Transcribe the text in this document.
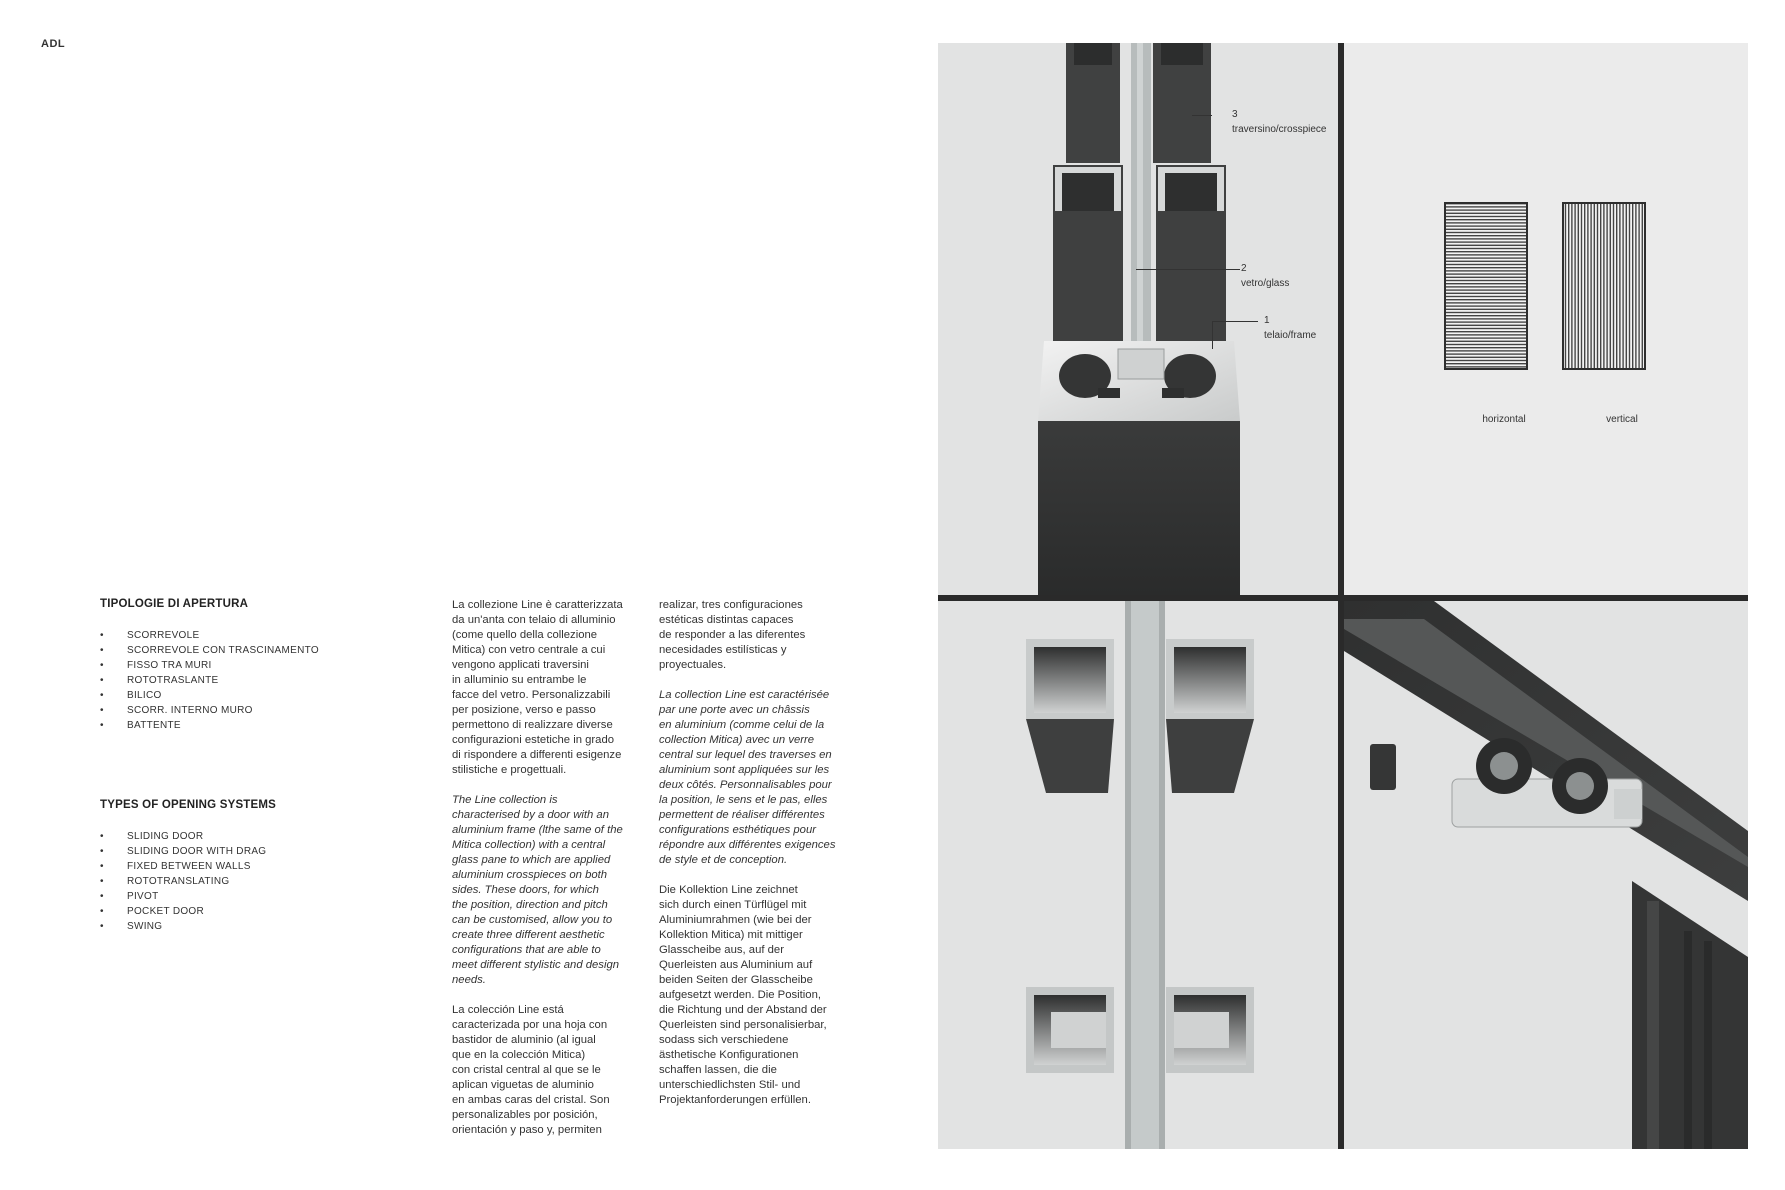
ADL
TIPOLOGIE DI APERTURA
• SCORREVOLE
• SCORREVOLE CON TRASCINAMENTO
• FISSO TRA MURI
• ROTOTRASLANTE
• BILICO
• SCORR. INTERNO MURO
• BATTENTE
TYPES OF OPENING SYSTEMS
• SLIDING DOOR
• SLIDING DOOR WITH DRAG
• FIXED BETWEEN WALLS
• ROTOTRANSLATING
• PIVOT
• POCKET DOOR
• SWING

La collezione Line è caratterizzata
da un'anta con telaio di alluminio
(come quello della collezione
Mitica) con vetro centrale a cui
vengono applicati traversini
in alluminio su entrambe le
facce del vetro. Personalizzabili
per posizione, verso e passo
permettono di realizzare diverse
configurazioni estetiche in grado
di rispondere a differenti esigenze
stilistiche e progettuali.

The Line collection is
characterised by a door with an
aluminium frame (lthe same of the
Mitica collection) with a central
glass pane to which are applied
aluminium crosspieces on both
sides. These doors, for which
the position, direction and pitch
can be customised, allow you to
create three different aesthetic
configurations that are able to
meet different stylistic and design
needs.

La colección Line está
caracterizada por una hoja con
bastidor de aluminio (al igual
que en la colección Mitica)
con cristal central al que se le
aplican viguetas de aluminio
en ambas caras del cristal. Son
personalizables por posición,
orientación y paso y, permiten

realizar, tres configuraciones
estéticas distintas capaces
de responder a las diferentes
necesidades estilísticas y
proyectuales.

La collection Line est caractérisée
par une porte avec un châssis
en aluminium (comme celui de la
collection Mitica) avec un verre
central sur lequel des traverses en
aluminium sont appliquées sur les
deux côtés. Personnalisables pour
la position, le sens et le pas, elles
permettent de réaliser différentes
configurations esthétiques pour
répondre aux différentes exigences
de style et de conception.

Die Kollektion Line zeichnet
sich durch einen Türflügel mit
Aluminiumrahmen (wie bei der
Kollektion Mitica) mit mittiger
Glasscheibe aus, auf der
Querleisten aus Aluminium auf
beiden Seiten der Glasscheibe
aufgesetzt werden. Die Position,
die Richtung und der Abstand der
Querleisten sind personalisierbar,
sodass sich verschiedene
ästhetische Konfigurationen
schaffen lassen, die die
unterschiedlichsten Stil- und
Projektanforderungen erfüllen.

3
traversino/crosspiece
2
vetro/glass
1
telaio/frame
horizontal	vertical
